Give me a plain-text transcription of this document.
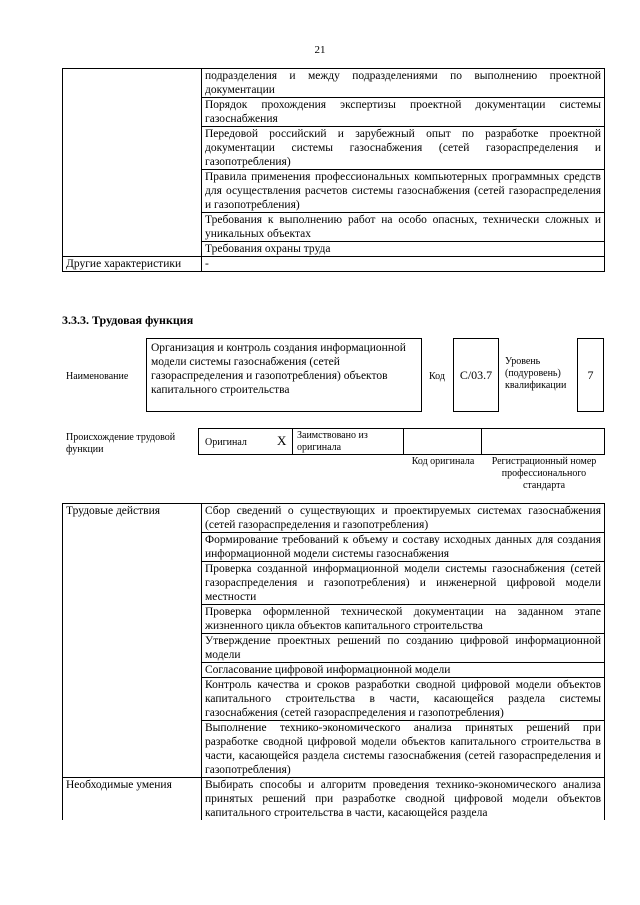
21
	подразделения и между подразделениями по выполнению проектной документации
	Порядок прохождения экспертизы проектной документации системы газоснабжения
	Передовой российский и зарубежный опыт по разработке проектной документации системы газоснабжения (сетей газораспределения и газопотребления)
	Правила применения профессиональных компьютерных программных средств для осуществления расчетов системы газоснабжения (сетей газораспределения и газопотребления)
	Требования к выполнению работ на особо опасных, технически сложных и уникальных объектах
	Требования охраны труда
Другие характеристики	-
3.3.3. Трудовая функция
Наименование
Организация и контроль создания информационной модели системы газоснабжения (сетей газораспределения и газопотребления) объектов капитального строительства
Код	С/03.7
Уровень (подуровень) квалификации
7
Происхождение трудовой функции
Оригинал X Заимствовано из оригинала
Код оригинала	Регистрационный номер профессионального стандарта
Трудовые действия	Сбор сведений о существующих и проектируемых системах газоснабжения (сетей газораспределения и газопотребления)
	Формирование требований к объему и составу исходных данных для создания информационной модели системы газоснабжения
	Проверка созданной информационной модели системы газоснабжения (сетей газораспределения и газопотребления) и инженерной цифровой модели местности
	Проверка оформленной технической документации на заданном этапе жизненного цикла объектов капитального строительства
	Утверждение проектных решений по созданию цифровой информационной модели
	Согласование цифровой информационной модели
	Контроль качества и сроков разработки сводной цифровой модели объектов капитального строительства в части, касающейся раздела системы газоснабжения (сетей газораспределения и газопотребления)
	Выполнение технико-экономического анализа принятых решений при разработке сводной цифровой модели объектов капитального строительства в части, касающейся раздела системы газоснабжения (сетей газораспределения и газопотребления)
Необходимые умения	Выбирать способы и алгоритм проведения технико-экономического анализа принятых решений при разработке сводной цифровой модели объектов капитального строительства в части, касающейся раздела
